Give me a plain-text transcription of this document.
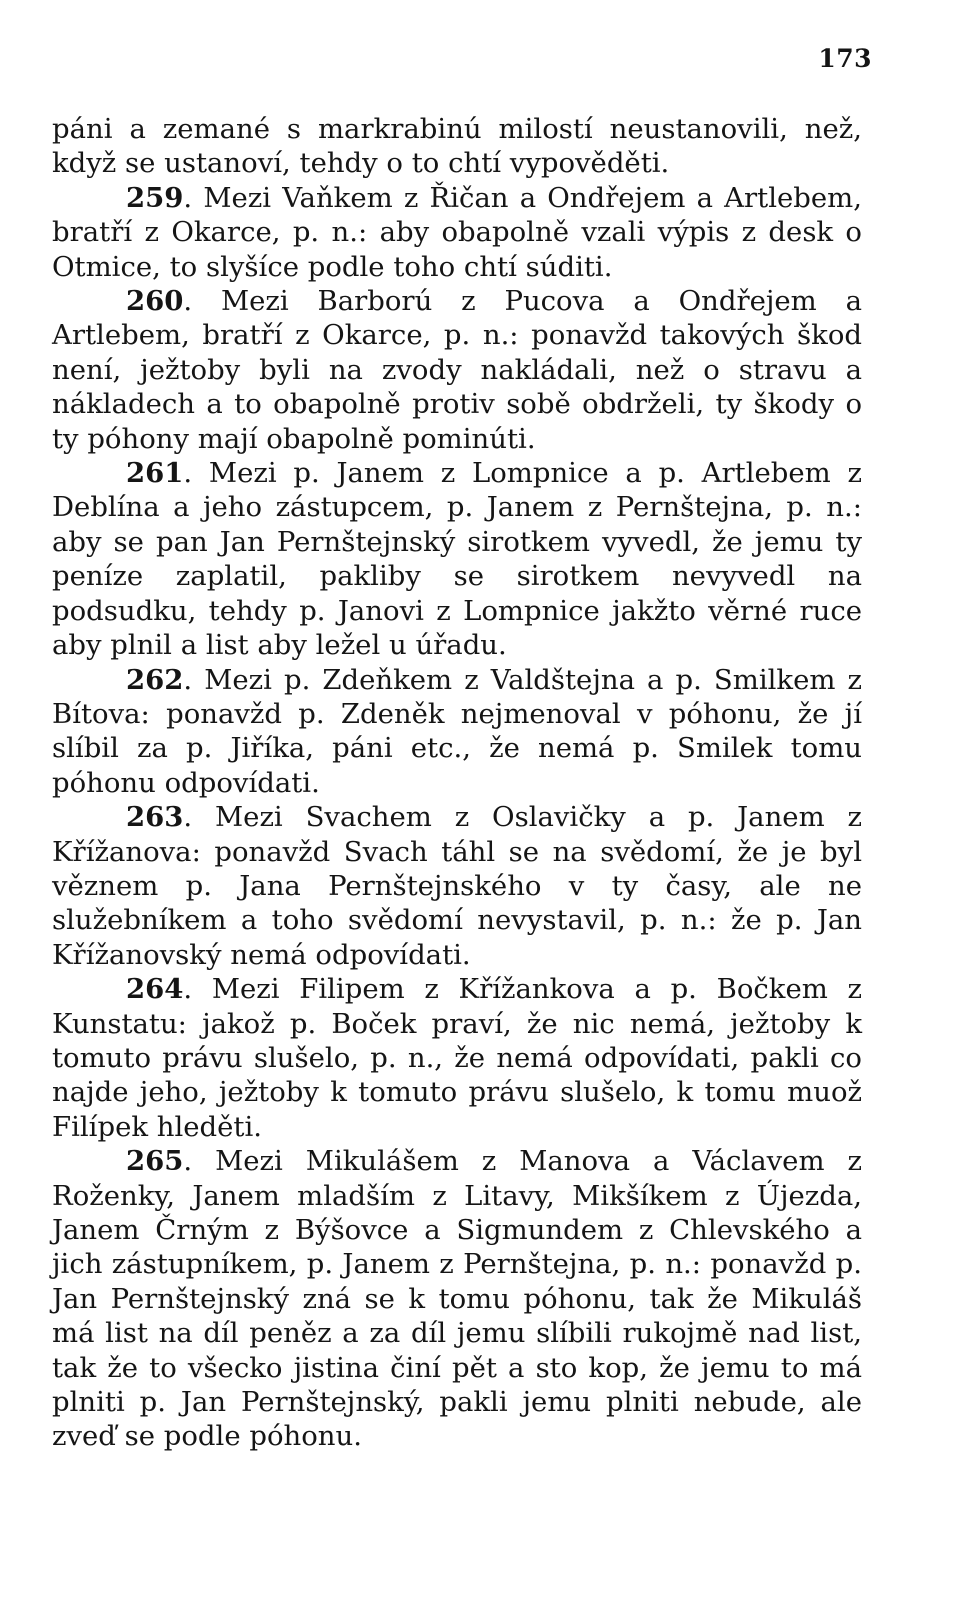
173

páni a zemané s markrabinú milostí neustanovili, než, když se ustanoví, tehdy o to chtí vypověděti.

259. Mezi Vaňkem z Řičan a Ondřejem a Artlebem, bratří z Okarce, p. n.: aby obapolně vzali výpis z desk o Otmice, to slyšíce podle toho chtí súditi.

260. Mezi Barború z Pucova a Ondřejem a Artlebem, bratří z Okarce, p. n.: ponavžd takových škod není, ježtoby byli na zvody nakládali, než o stravu a nákladech a to obapolně protiv sobě obdrželi, ty škody o ty póhony mají obapolně pominúti.

261. Mezi p. Janem z Lompnice a p. Artlebem z Deblína a jeho zástupcem, p. Janem z Pernštejna, p. n.: aby se pan Jan Pernštejnský sirotkem vyvedl, že jemu ty peníze zaplatil, pakliby se sirotkem nevyvedl na podsudku, tehdy p. Janovi z Lompnice jakžto věrné ruce aby plnil a list aby ležel u úřadu.

262. Mezi p. Zdeňkem z Valdštejna a p. Smilkem z Bítova: ponavžd p. Zdeněk nejmenoval v póhonu, že jí slíbil za p. Jiříka, páni etc., že nemá p. Smilek tomu póhonu odpovídati.

263. Mezi Svachem z Oslavičky a p. Janem z Křížanova: ponavžd Svach táhl se na svědomí, že je byl věznem p. Jana Pernštejnského v ty časy, ale ne služebníkem a toho svědomí nevystavil, p. n.: že p. Jan Křížanovský nemá odpovídati.

264. Mezi Filipem z Křížankova a p. Bočkem z Kunstatu: jakož p. Boček praví, že nic nemá, ježtoby k tomuto právu slušelo, p. n., že nemá odpovídati, pakli co najde jeho, ježtoby k tomuto právu slušelo, k tomu muož Filípek hleděti.

265. Mezi Mikulášem z Manova a Václavem z Roženky, Janem mladším z Litavy, Mikšíkem z Újezda, Janem Črným z Býšovce a Sigmundem z Chlevského a jich zástupníkem, p. Janem z Pernštejna, p. n.: ponavžd p. Jan Pernštejnský zná se k tomu póhonu, tak že Mikuláš má list na díl peněz a za díl jemu slíbili rukojmě nad list, tak že to všecko jistina činí pět a sto kop, že jemu to má plniti p. Jan Pernštejnský, pakli jemu plniti nebude, ale zveď se podle póhonu.
